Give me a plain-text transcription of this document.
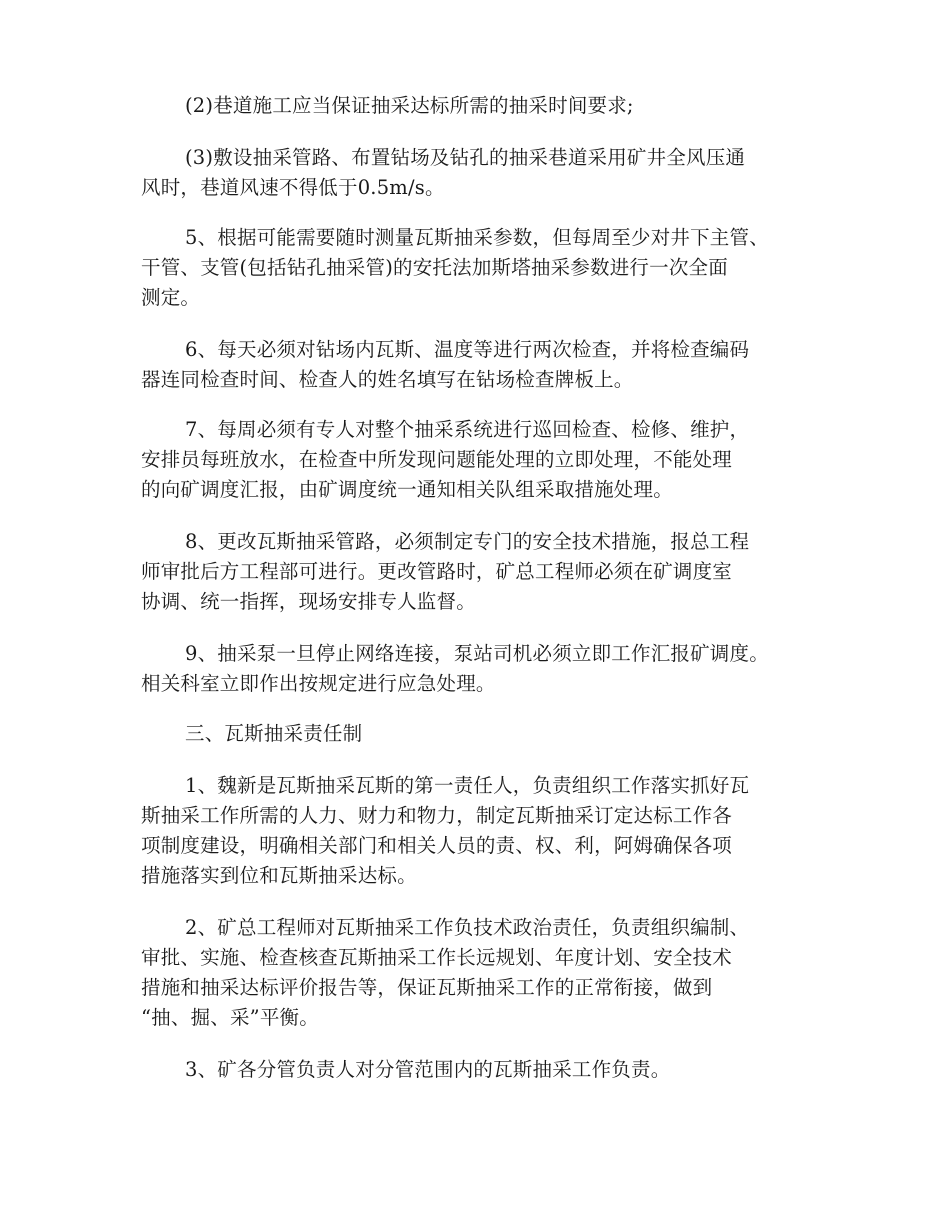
(2)巷道施工应当保证抽采达标所需的抽采时间要求;
(3)敷设抽采管路、布置钻场及钻孔的抽采巷道采用矿井全风压通
风时，巷道风速不得低于0.5m/s。
5、根据可能需要随时测量瓦斯抽采参数，但每周至少对井下主管、
干管、支管(包括钻孔抽采管)的安托法加斯塔抽采参数进行一次全面
测定。
6、每天必须对钻场内瓦斯、温度等进行两次检查，并将检查编码
器连同检查时间、检查人的姓名填写在钻场检查牌板上。
7、每周必须有专人对整个抽采系统进行巡回检查、检修、维护，
安排员每班放水，在检查中所发现问题能处理的立即处理，不能处理
的向矿调度汇报，由矿调度统一通知相关队组采取措施处理。
8、更改瓦斯抽采管路，必须制定专门的安全技术措施，报总工程
师审批后方工程部可进行。更改管路时，矿总工程师必须在矿调度室
协调、统一指挥，现场安排专人监督。
9、抽采泵一旦停止网络连接，泵站司机必须立即工作汇报矿调度。
相关科室立即作出按规定进行应急处理。
三、瓦斯抽采责任制
1、魏新是瓦斯抽采瓦斯的第一责任人，负责组织工作落实抓好瓦
斯抽采工作所需的人力、财力和物力，制定瓦斯抽采订定达标工作各
项制度建设，明确相关部门和相关人员的责、权、利，阿姆确保各项
措施落实到位和瓦斯抽采达标。
2、矿总工程师对瓦斯抽采工作负技术政治责任，负责组织编制、
审批、实施、检查核查瓦斯抽采工作长远规划、年度计划、安全技术
措施和抽采达标评价报告等，保证瓦斯抽采工作的正常衔接，做到
“抽、掘、采”平衡。
3、矿各分管负责人对分管范围内的瓦斯抽采工作负责。
